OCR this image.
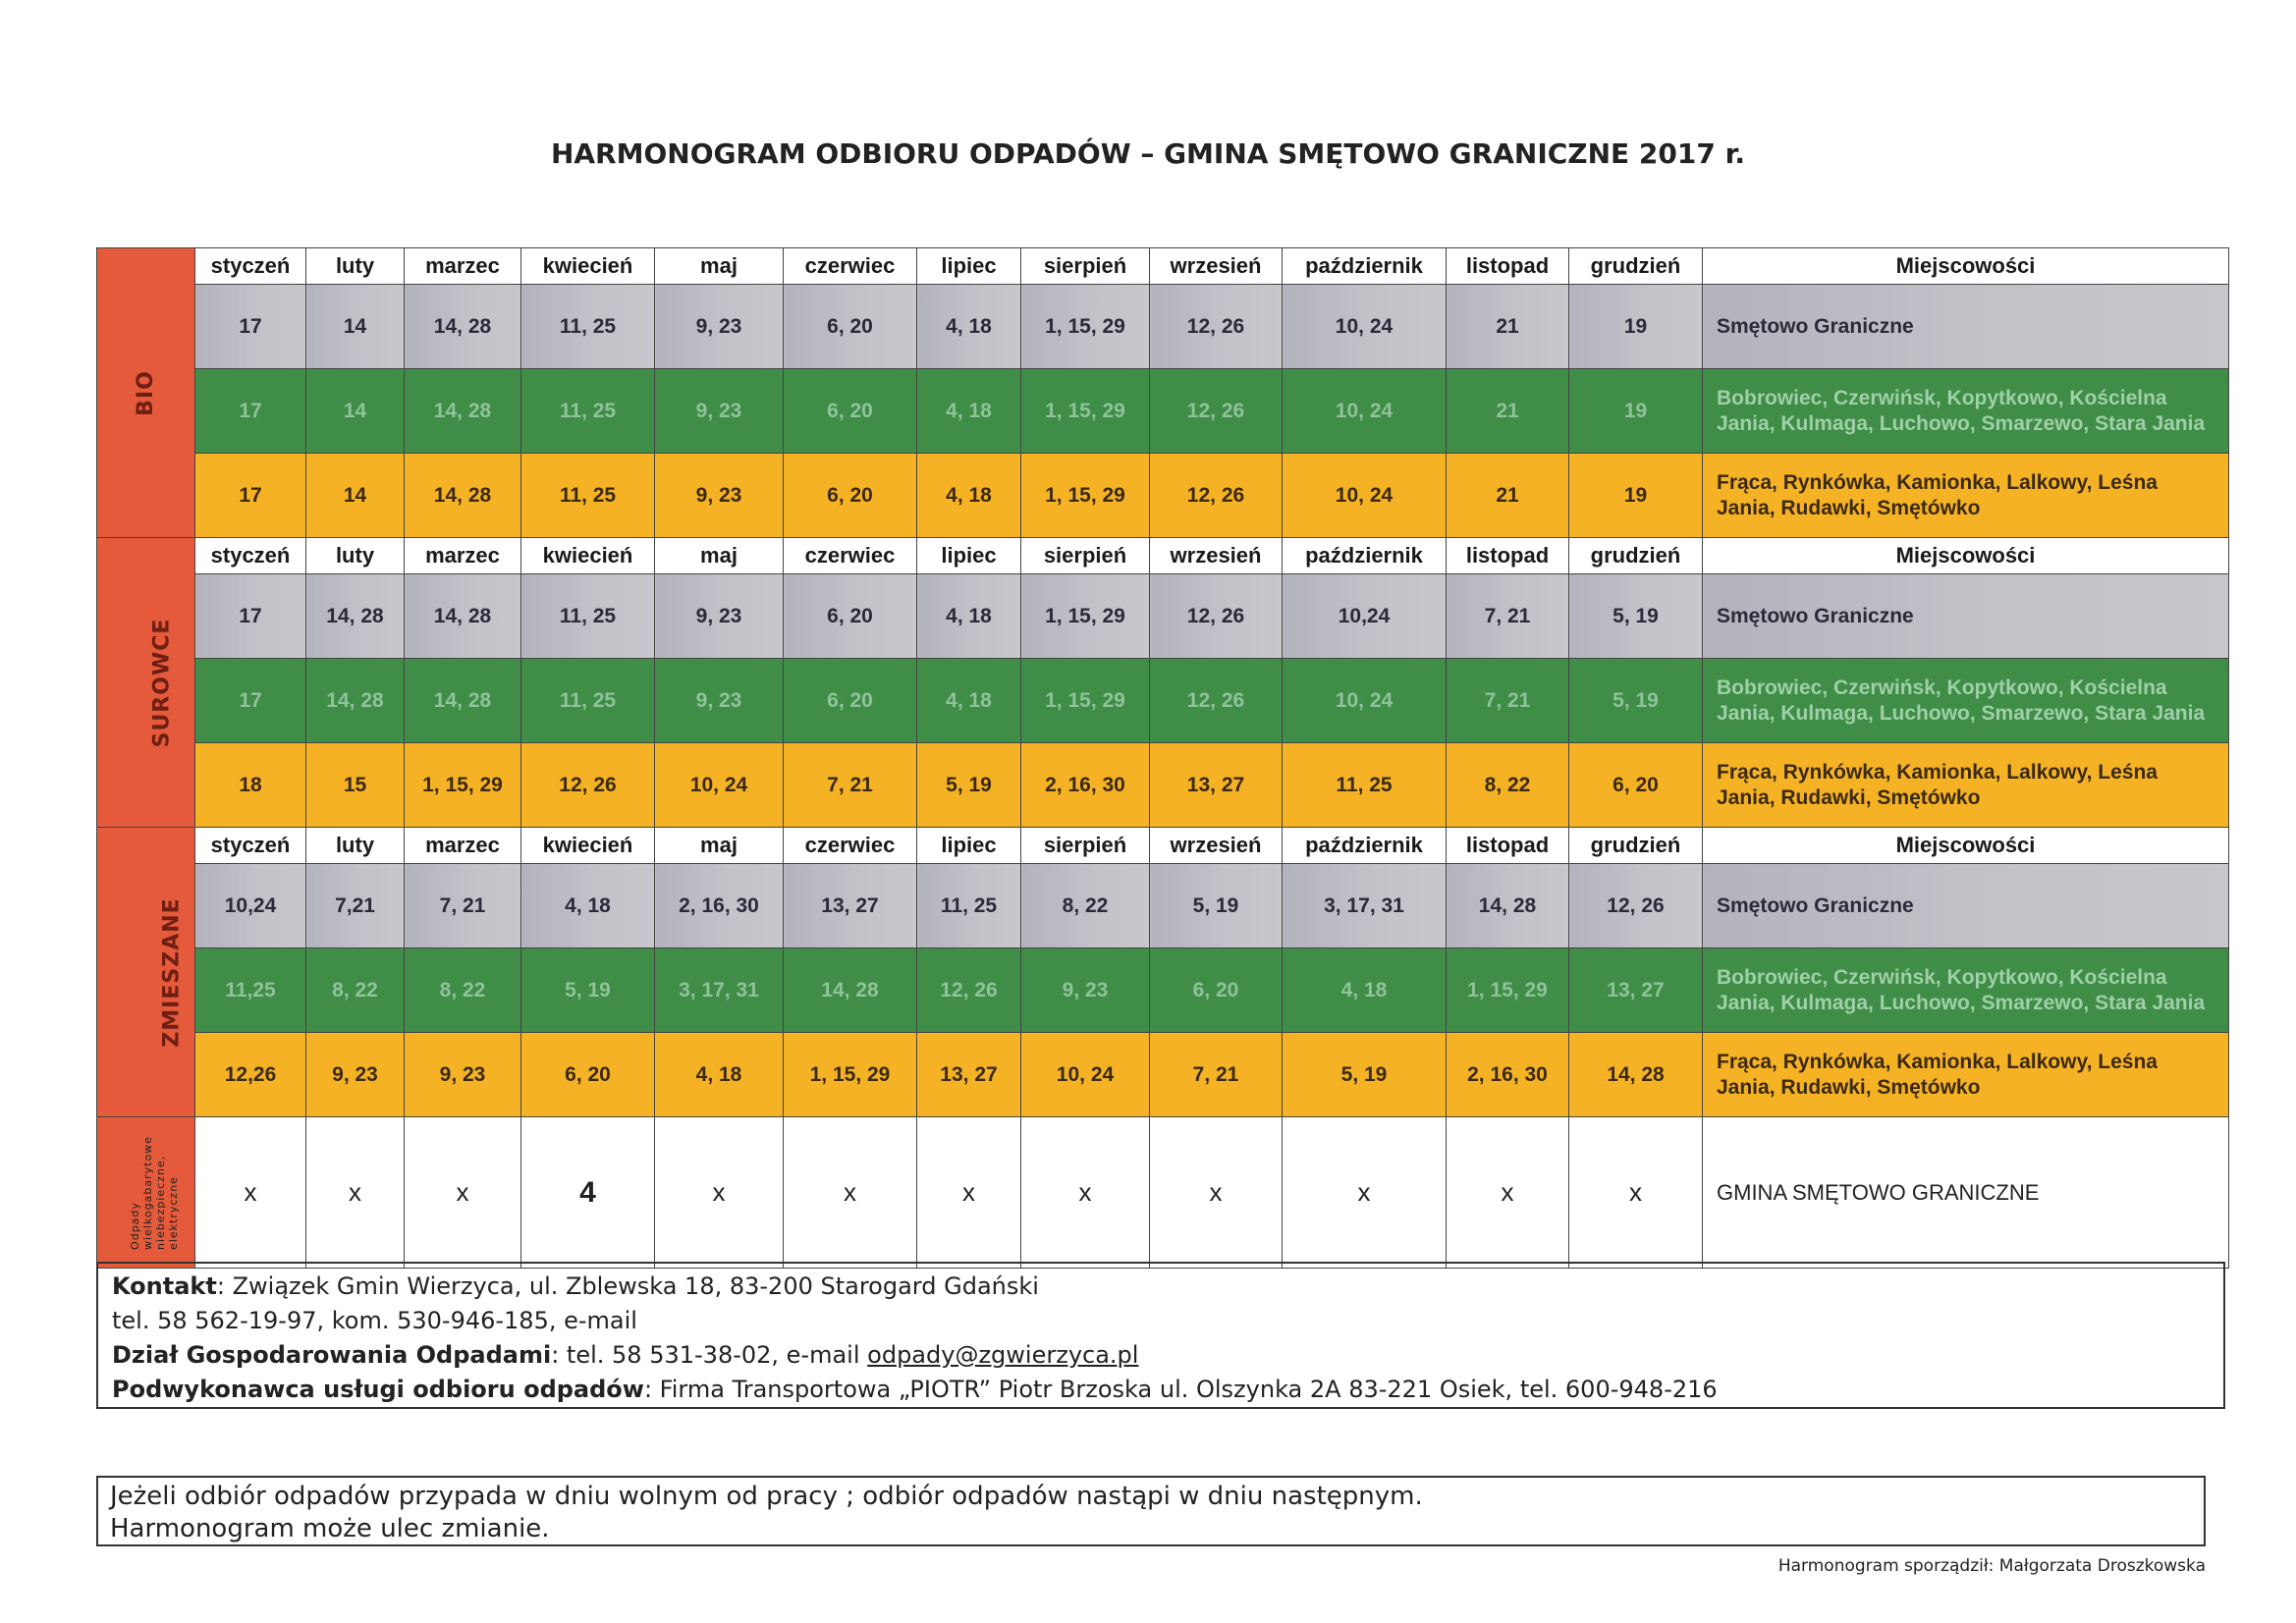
HARMONOGRAM ODBIORU ODPADÓW – GMINA SMĘTOWO GRANICZNE 2017 r.
BIO	styczeń	luty	marzec	kwiecień	maj	czerwiec	lipiec	sierpień	wrzesień	październik	listopad	grudzień	Miejscowości
	17	14	14, 28	11, 25	9, 23	6, 20	4, 18	1, 15, 29	12, 26	10, 24	21	19	Smętowo Graniczne
	17	14	14, 28	11, 25	9, 23	6, 20	4, 18	1, 15, 29	12, 26	10, 24	21	19	Bobrowiec, Czerwińsk, Kopytkowo, Kościelna Jania, Kulmaga, Luchowo, Smarzewo, Stara Jania
	17	14	14, 28	11, 25	9, 23	6, 20	4, 18	1, 15, 29	12, 26	10, 24	21	19	Frąca, Rynkówka, Kamionka, Lalkowy, Leśna Jania, Rudawki, Smętówko
SUROWCE	styczeń	luty	marzec	kwiecień	maj	czerwiec	lipiec	sierpień	wrzesień	październik	listopad	grudzień	Miejscowości
	17	14, 28	14, 28	11, 25	9, 23	6, 20	4, 18	1, 15, 29	12, 26	10,24	7, 21	5, 19	Smętowo Graniczne
	17	14, 28	14, 28	11, 25	9, 23	6, 20	4, 18	1, 15, 29	12, 26	10, 24	7, 21	5, 19	Bobrowiec, Czerwińsk, Kopytkowo, Kościelna Jania, Kulmaga, Luchowo, Smarzewo, Stara Jania
	18	15	1, 15, 29	12, 26	10, 24	7, 21	5, 19	2, 16, 30	13, 27	11, 25	8, 22	6, 20	Frąca, Rynkówka, Kamionka, Lalkowy, Leśna Jania, Rudawki, Smętówko
ZMIESZANE	styczeń	luty	marzec	kwiecień	maj	czerwiec	lipiec	sierpień	wrzesień	październik	listopad	grudzień	Miejscowości
	10,24	7,21	7, 21	4, 18	2, 16, 30	13, 27	11, 25	8, 22	5, 19	3, 17, 31	14, 28	12, 26	Smętowo Graniczne
	11,25	8, 22	8, 22	5, 19	3, 17, 31	14, 28	12, 26	9, 23	6, 20	4, 18	1, 15, 29	13, 27	Bobrowiec, Czerwińsk, Kopytkowo, Kościelna Jania, Kulmaga, Luchowo, Smarzewo, Stara Jania
	12,26	9, 23	9, 23	6, 20	4, 18	1, 15, 29	13, 27	10, 24	7, 21	5, 19	2, 16, 30	14, 28	Frąca, Rynkówka, Kamionka, Lalkowy, Leśna Jania, Rudawki, Smętówko

Odpady wielkogabarytowe niebezpieczne, elektryczne	x	x	x	4	x	x	x	x	x	x	x	x	GMINA SMĘTOWO GRANICZNE
Kontakt: Związek Gmin Wierzyca, ul. Zblewska 18, 83-200 Starogard Gdański
tel. 58 562-19-97, kom. 530-946-185, e-mail
Dział Gospodarowania Odpadami: tel. 58 531-38-02, e-mail odpady@zgwierzyca.pl
Podwykonawca usługi odbioru odpadów: Firma Transportowa „PIOTR” Piotr Brzoska ul. Olszynka 2A 83-221 Osiek, tel. 600-948-216
Jeżeli odbiór odpadów przypada w dniu wolnym od pracy ; odbiór odpadów nastąpi w dniu następnym.
Harmonogram może ulec zmianie.
Harmonogram sporządził: Małgorzata Droszkowska
